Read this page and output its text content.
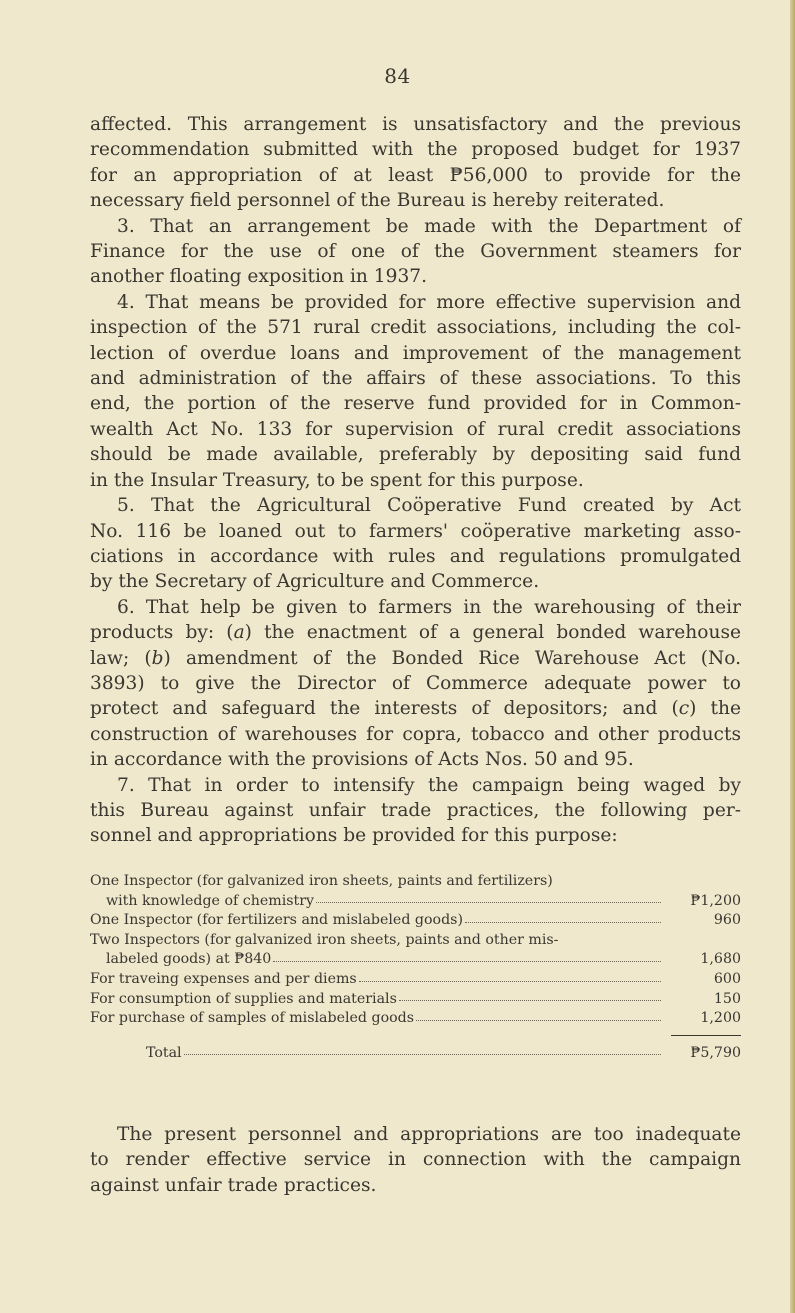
84

affected. This arrangement is unsatisfactory and the previous

recommendation submitted with the proposed budget for 1937

for an appropriation of at least ₱56,000 to provide for the

necessary field personnel of the Bureau is hereby reiterated.

3. That an arrangement be made with the Department of

Finance for the use of one of the Government steamers for

another floating exposition in 1937.

4. That means be provided for more effective supervision and

inspection of the 571 rural credit associations, including the col-

lection of overdue loans and improvement of the management

and administration of the affairs of these associations. To this

end, the portion of the reserve fund provided for in Common-

wealth Act No. 133 for supervision of rural credit associations

should be made available, preferably by depositing said fund

in the Insular Treasury, to be spent for this purpose.

5. That the Agricultural Coöperative Fund created by Act

No. 116 be loaned out to farmers' coöperative marketing asso-

ciations in accordance with rules and regulations promulgated

by the Secretary of Agriculture and Commerce.

6. That help be given to farmers in the warehousing of their

products by: (a) the enactment of a general bonded warehouse

law; (b) amendment of the Bonded Rice Warehouse Act (No.

3893) to give the Director of Commerce adequate power to

protect and safeguard the interests of depositors; and (c) the

construction of warehouses for copra, tobacco and other products

in accordance with the provisions of Acts Nos. 50 and 95.

7. That in order to intensify the campaign being waged by

this Bureau against unfair trade practices, the following per-

sonnel and appropriations be provided for this purpose:

One Inspector (for galvanized iron sheets, paints and fertilizers)
with knowledge of chemistry	₱1,200
One Inspector (for fertilizers and mislabeled goods)	960
Two Inspectors (for galvanized iron sheets, paints and other mis-
labeled goods) at ₱840	1,680
For traveing expenses and per diems	600
For consumption of supplies and materials	150
For purchase of samples of mislabeled goods	1,200
Total	₱5,790

The present personnel and appropriations are too inadequate

to render effective service in connection with the campaign

against unfair trade practices.
